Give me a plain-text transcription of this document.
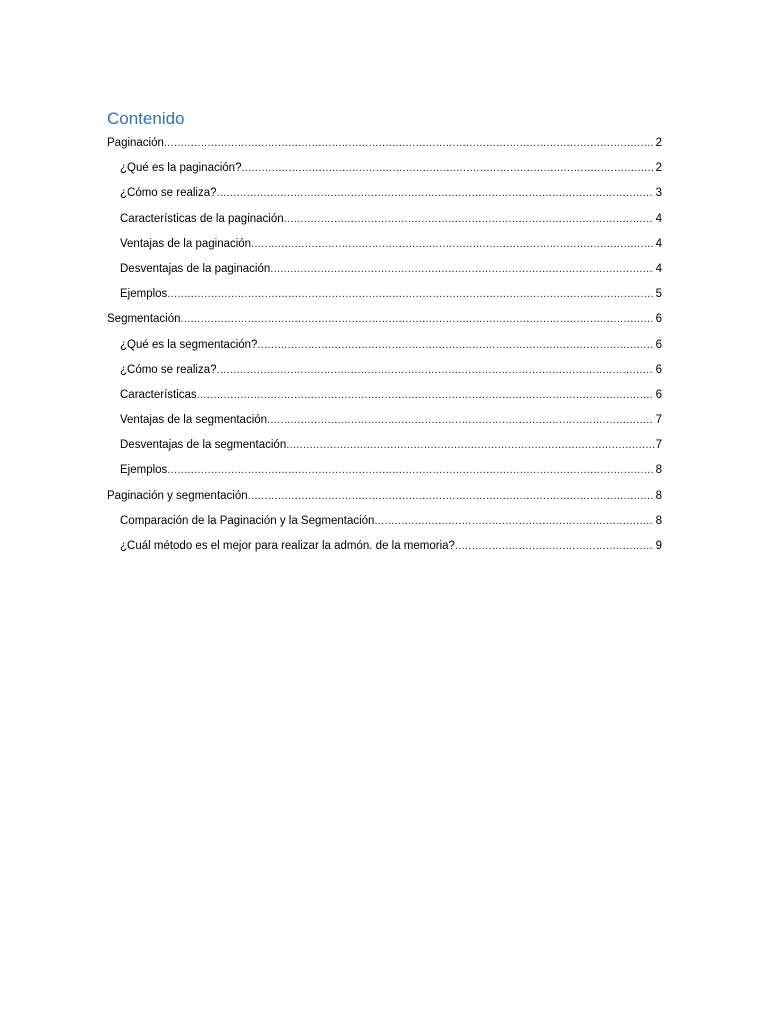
Contenido
Paginación .....	2
¿Qué es la paginación? .....	2
¿Cómo se realiza? .....	3
Características de la paginación .....	4
Ventajas de la paginación .....	4
Desventajas de la paginación .....	4
Ejemplos .....	5
Segmentación .....	6
¿Qué es la segmentación? .....	6
¿Cómo se realiza? .....	6
Características .....	6
Ventajas de la segmentación .....	7
Desventajas de la segmentación .....	7
Ejemplos .....	8
Paginación y segmentación .....	8
Comparación de la Paginación y la Segmentación .....	8
¿Cuál método es el mejor para realizar la admón. de la memoria? .....	9
